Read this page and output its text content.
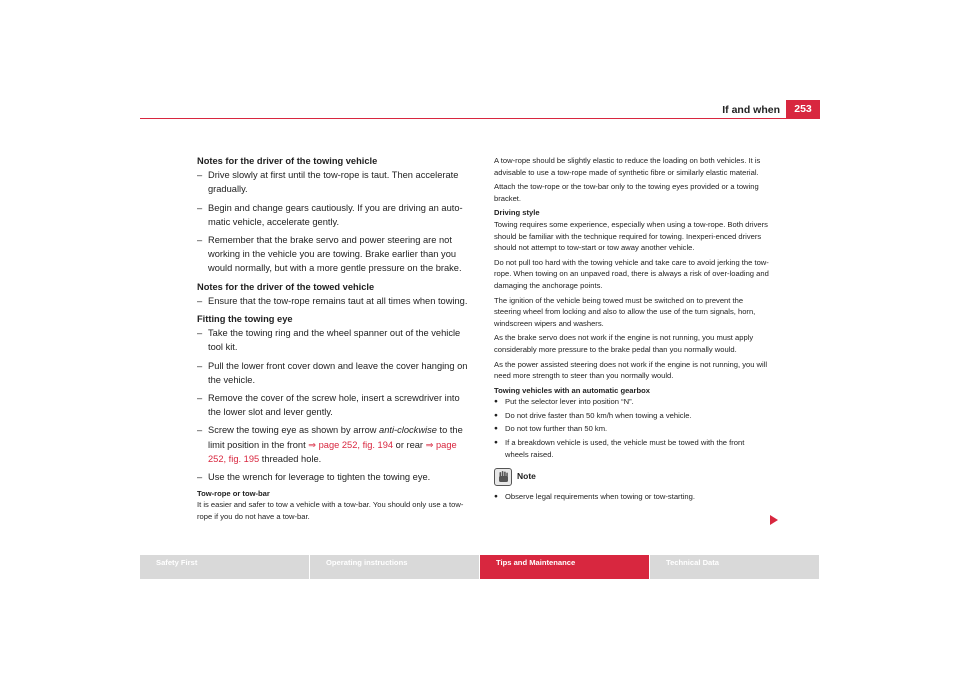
If and when	253
Notes for the driver of the towing vehicle
– Drive slowly at first until the tow-rope is taut. Then accelerate gradually.
– Begin and change gears cautiously. If you are driving an auto-matic vehicle, accelerate gently.
– Remember that the brake servo and power steering are not working in the vehicle you are towing. Brake earlier than you would normally, but with a more gentle pressure on the brake.
Notes for the driver of the towed vehicle
– Ensure that the tow-rope remains taut at all times when towing.
Fitting the towing eye
– Take the towing ring and the wheel spanner out of the vehicle tool kit.
– Pull the lower front cover down and leave the cover hanging on the vehicle.
– Remove the cover of the screw hole, insert a screwdriver into the lower slot and lever gently.
– Screw the towing eye as shown by arrow anti-clockwise to the limit position in the front ⇒ page 252, fig. 194 or rear ⇒ page 252, fig. 195 threaded hole.
– Use the wrench for leverage to tighten the towing eye.
Tow-rope or tow-bar
It is easier and safer to tow a vehicle with a tow-bar. You should only use a tow-rope if you do not have a tow-bar.

A tow-rope should be slightly elastic to reduce the loading on both vehicles. It is advisable to use a tow-rope made of synthetic fibre or similarly elastic material.

Attach the tow-rope or the tow-bar only to the towing eyes provided or a towing bracket.

Driving style

Towing requires some experience, especially when using a tow-rope. Both drivers should be familiar with the technique required for towing. Inexperi-enced drivers should not attempt to tow-start or tow away another vehicle.

Do not pull too hard with the towing vehicle and take care to avoid jerking the tow-rope. When towing on an unpaved road, there is always a risk of over-loading and damaging the anchorage points.

The ignition of the vehicle being towed must be switched on to prevent the steering wheel from locking and also to allow the use of the turn signals, horn, windscreen wipers and washers.

As the brake servo does not work if the engine is not running, you must apply considerably more pressure to the brake pedal than you normally would.

As the power assisted steering does not work if the engine is not running, you will need more strength to steer than you normally would.

Towing vehicles with an automatic gearbox
● Put the selector lever into position “N”.
● Do not drive faster than 50 km/h when towing a vehicle.
● Do not tow further than 50 km.
● If a breakdown vehicle is used, the vehicle must be towed with the front wheels raised.
Note
● Observe legal requirements when towing or tow-starting.
Safety First	Operating instructions	Tips and Maintenance	Technical Data
